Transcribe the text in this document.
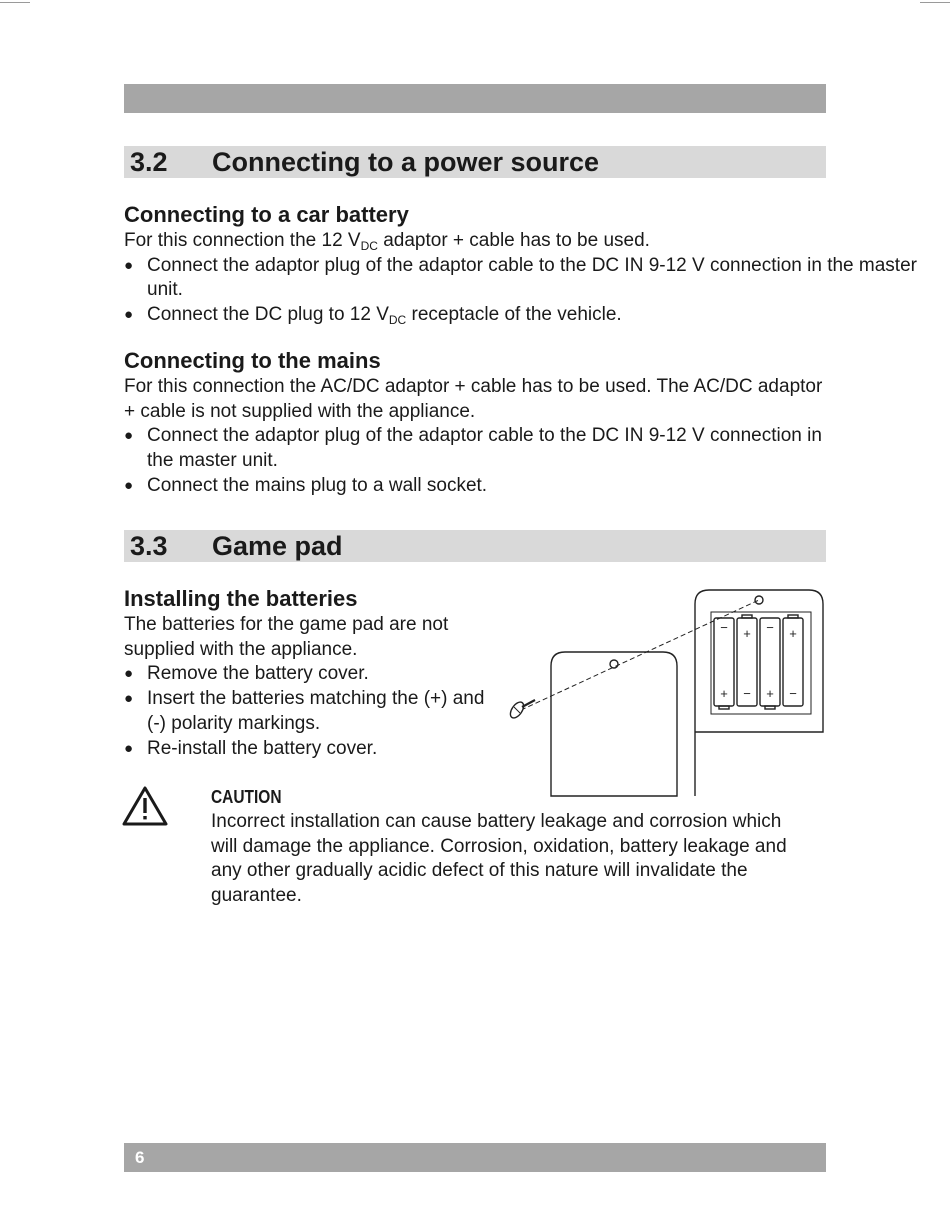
3.2 Connecting to a power source
Connecting to a car battery

For this connection the 12 $V_{DC}$ adaptor + cable has to be used.

● Connect the adaptor plug of the adaptor cable to the DC IN 9-12 V connection in the master unit.
● Connect the DC plug to 12 $V_{DC}$ receptacle of the vehicle.
Connecting to the mains

For this connection the AC/DC adaptor + cable has to be used. The AC/DC adaptor + cable is not supplied with the appliance.

● Connect the adaptor plug of the adaptor cable to the DC IN 9-12 V connection in the master unit.
● Connect the mains plug to a wall socket.
3.3 Game pad
Installing the batteries

The batteries for the game pad are not supplied with the appliance.

● Remove the battery cover.
● Insert the batteries matching the (+) and (-) polarity markings.
● Re-install the battery cover.
−
+
+
−
−
+
+
−
CAUTION

Incorrect installation can cause battery leakage and corrosion which will damage the appliance. Corrosion, oxidation, battery leakage and any other gradually acidic defect of this nature will invalidate the guarantee.

6
